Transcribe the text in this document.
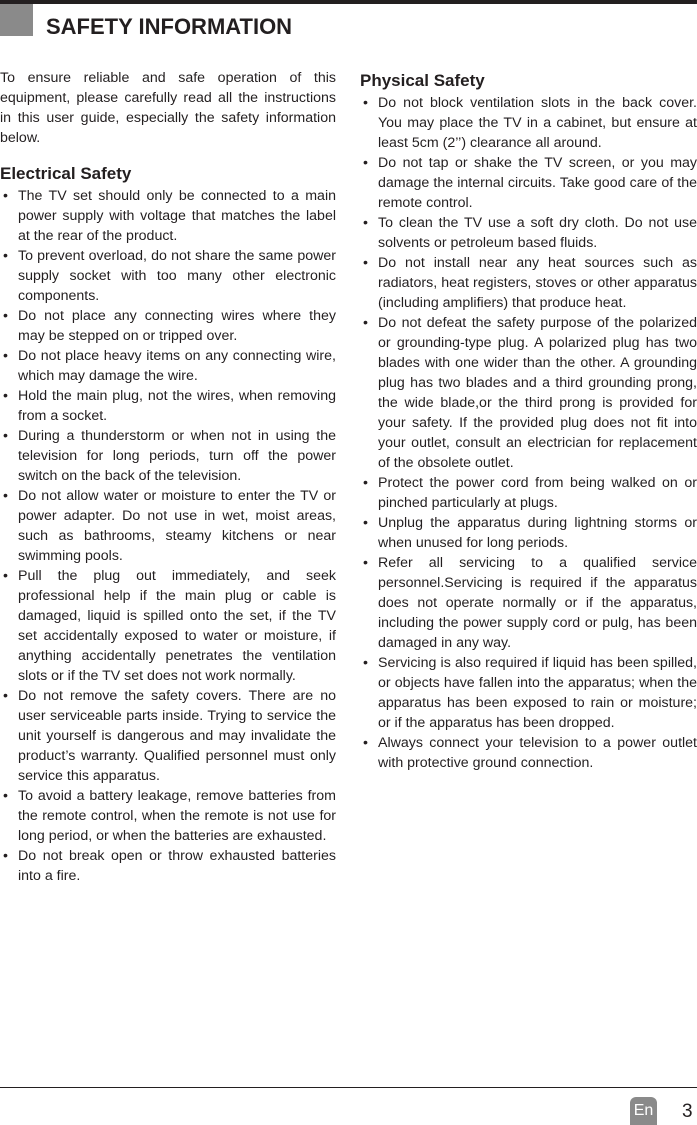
SAFETY INFORMATION

To ensure reliable and safe operation of this equipment, please carefully read all the instructions in this user guide, especially the safety information below.

Electrical Safety
• The TV set should only be connected to a main power supply with voltage that matches the label at the rear of the product.
• To prevent overload, do not share the same power supply socket with too many other electronic components.
• Do not place any connecting wires where they may be stepped on or tripped over.
• Do not place heavy items on any connecting wire, which may damage the wire.
• Hold the main plug, not the wires, when removing from a socket.
• During a thunderstorm or when not in using the television for long periods, turn off the power switch on the back of the television.
• Do not allow water or moisture to enter the TV or power adapter. Do not use in wet, moist areas, such as bathrooms, steamy kitchens or near swimming pools.
• Pull the plug out immediately, and seek professional help if the main plug or cable is damaged, liquid is spilled onto the set, if the TV set accidentally exposed to water or moisture, if anything accidentally penetrates the ventilation slots or if the TV set does not work normally.
• Do not remove the safety covers. There are no user serviceable parts inside. Trying to service the unit yourself is dangerous and may invalidate the product’s warranty. Qualified personnel must only service this apparatus.
• To avoid a battery leakage, remove batteries from the remote control, when the remote is not use for long period, or when the batteries are exhausted.
• Do not break open or throw exhausted batteries into a fire.
Physical Safety
• Do not block ventilation slots in the back cover. You may place the TV in a cabinet, but ensure at least 5cm (2’’) clearance all around.
• Do not tap or shake the TV screen, or you may damage the internal circuits. Take good care of the remote control.
• To clean the TV use a soft dry cloth. Do not use solvents or petroleum based fluids.
• Do not install near any heat sources such as radiators, heat registers, stoves or other apparatus (including amplifiers) that produce heat.
• Do not defeat the safety purpose of the polarized or grounding-type plug. A polarized plug has two blades with one wider than the other. A grounding plug has two blades and a third grounding prong, the wide blade,or the third prong is provided for your safety. If the provided plug does not fit into your outlet, consult an electrician for replacement of the obsolete outlet.
• Protect the power cord from being walked on or pinched particularly at plugs.
• Unplug the apparatus during lightning storms or when unused for long periods.
• Refer all servicing to a qualified service personnel.Servicing is required if the apparatus does not operate normally or if the apparatus, including the power supply cord or pulg, has been damaged in any way.
• Servicing is also required if liquid has been spilled, or objects have fallen into the apparatus; when the apparatus has been exposed to rain or moisture; or if the apparatus has been dropped.
• Always connect your television to a power outlet with protective ground connection.
En 3
